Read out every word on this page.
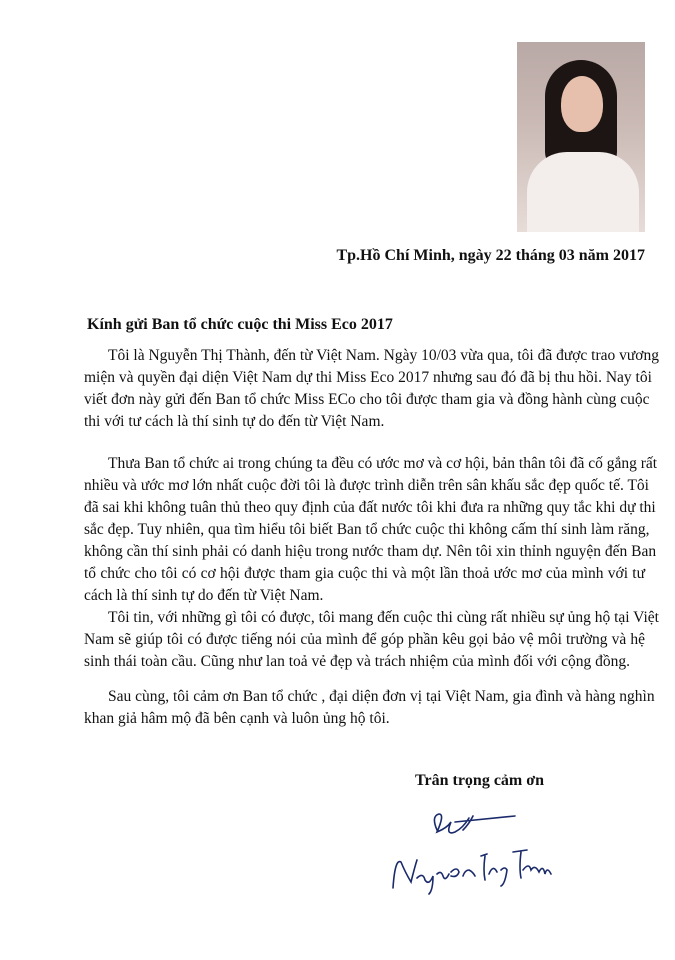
Tp.Hồ Chí Minh, ngày 22 tháng 03 năm 2017
Kính gửi Ban tổ chức cuộc thi Miss Eco 2017
Tôi là Nguyễn Thị Thành, đến từ Việt Nam. Ngày 10/03 vừa qua, tôi đã được trao vương
miện và quyền đại diện Việt Nam dự thi Miss Eco 2017 nhưng sau đó đã bị thu hồi. Nay tôi
viết đơn này gửi đến Ban tổ chức Miss ECo cho tôi được tham gia và đồng hành cùng cuộc
thi với tư cách là thí sinh tự do đến từ Việt Nam.
Thưa Ban tổ chức ai trong chúng ta đều có ước mơ và cơ hội, bản thân tôi đã cố gắng rất
nhiều và ước mơ lớn nhất cuộc đời tôi là được trình diễn trên sân khấu sắc đẹp quốc tế. Tôi
đã sai khi không tuân thủ theo quy định của đất nước tôi khi đưa ra những quy tắc khi dự thi
sắc đẹp. Tuy nhiên, qua tìm hiểu tôi biết Ban tổ chức cuộc thi không cấm thí sinh làm răng,
không cần thí sinh phải có danh hiệu trong nước tham dự. Nên tôi xin thỉnh nguyện đến Ban
tổ chức cho tôi có cơ hội được tham gia cuộc thi và một lần thoả ước mơ của mình với tư
cách là thí sinh tự do đến từ Việt Nam.
Tôi tin, với những gì tôi có được, tôi mang đến cuộc thi cùng rất nhiều sự ủng hộ tại Việt
Nam sẽ giúp tôi có được tiếng nói của mình để góp phần kêu gọi bảo vệ môi trường và hệ
sinh thái toàn cầu. Cũng như lan toả vẻ đẹp và trách nhiệm của mình đối với cộng đồng.
Sau cùng, tôi cảm ơn Ban tổ chức , đại diện đơn vị tại Việt Nam, gia đình và hàng nghìn
khan giả hâm mộ đã bên cạnh và luôn ủng hộ tôi.
Trân trọng cảm ơn
